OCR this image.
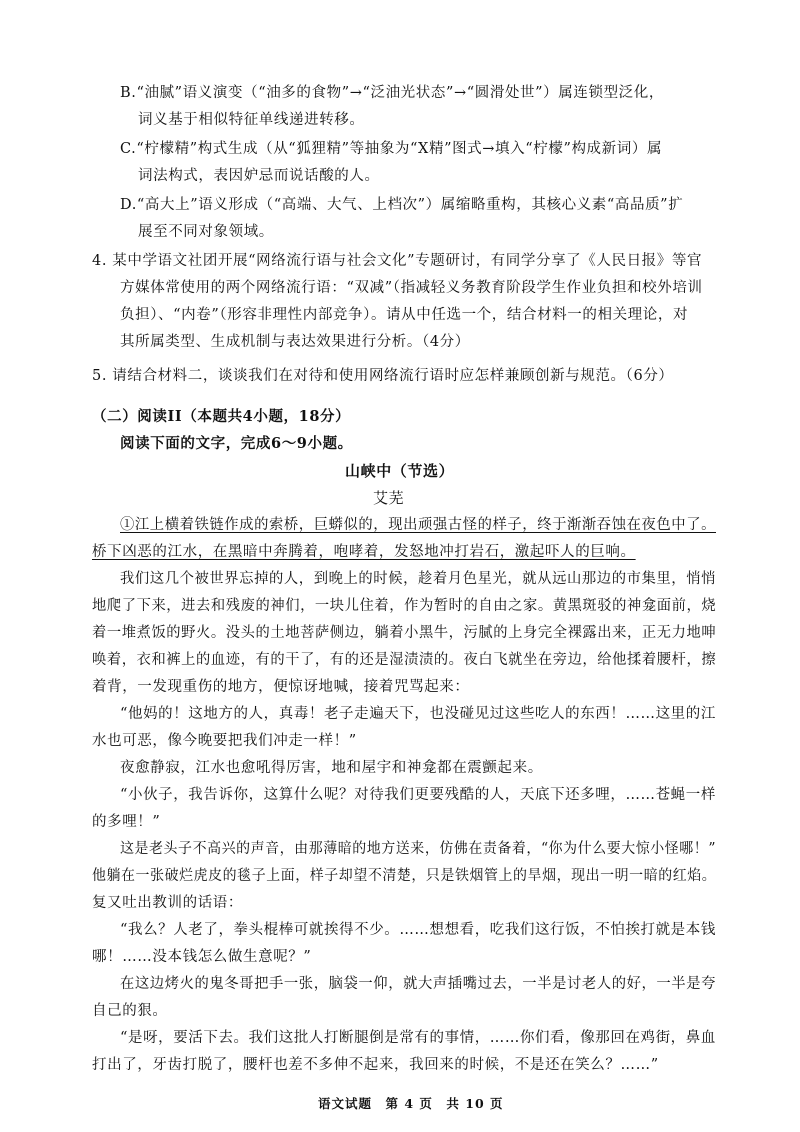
B.“油腻”语义演变（“油多的食物”→“泛油光状态”→“圆滑处世”）属连锁型泛化，
词义基于相似特征单线递进转移。
C.“柠檬精”构式生成（从“狐狸精”等抽象为“X精”图式→填入“柠檬”构成新词）属
词法构式，表因妒忌而说话酸的人。
D.“高大上”语义形成（“高端、大气、上档次”）属缩略重构，其核心义素“高品质”扩
展至不同对象领域。
4. 某中学语文社团开展“网络流行语与社会文化”专题研讨，有同学分享了《人民日报》等官
方媒体常使用的两个网络流行语：“双减”（指减轻义务教育阶段学生作业负担和校外培训
负担）、“内卷”（形容非理性内部竞争）。请从中任选一个，结合材料一的相关理论，对
其所属类型、生成机制与表达效果进行分析。（4分）
5. 请结合材料二，谈谈我们在对待和使用网络流行语时应怎样兼顾创新与规范。（6分）
（二）阅读II（本题共4小题，18分）
阅读下面的文字，完成6～9小题。
山峡中（节选）
艾芜
①江上横着铁链作成的索桥，巨蟒似的，现出顽强古怪的样子，终于渐渐吞蚀在夜色中了。
桥下凶恶的江水，在黑暗中奔腾着，咆哮着，发怒地冲打岩石，激起吓人的巨响。
我们这几个被世界忘掉的人，到晚上的时候，趁着月色星光，就从远山那边的市集里，悄悄
地爬了下来，进去和残废的神们，一块儿住着，作为暂时的自由之家。黄黑斑驳的神龛面前，烧
着一堆煮饭的野火。没头的土地菩萨侧边，躺着小黑牛，污腻的上身完全裸露出来，正无力地呻
唤着，衣和裤上的血迹，有的干了，有的还是湿渍渍的。夜白飞就坐在旁边，给他揉着腰杆，擦
着背，一发现重伤的地方，便惊讶地喊，接着咒骂起来：
“他妈的！这地方的人，真毒！老子走遍天下，也没碰见过这些吃人的东西！……这里的江
水也可恶，像今晚要把我们冲走一样！”
夜愈静寂，江水也愈吼得厉害，地和屋宇和神龛都在震颤起来。
“小伙子，我告诉你，这算什么呢？对待我们更要残酷的人，天底下还多哩，……苍蝇一样
的多哩！”
这是老头子不高兴的声音，由那薄暗的地方送来，仿佛在责备着，“你为什么要大惊小怪哪！”
他躺在一张破烂虎皮的毯子上面，样子却望不清楚，只是铁烟管上的旱烟，现出一明一暗的红焰。
复又吐出教训的话语：
“我么？人老了，拳头棍棒可就挨得不少。……想想看，吃我们这行饭，不怕挨打就是本钱
哪！……没本钱怎么做生意呢？”
在这边烤火的鬼冬哥把手一张，脑袋一仰，就大声插嘴过去，一半是讨老人的好，一半是夸
自己的狠。
“是呀，要活下去。我们这批人打断腿倒是常有的事情，……你们看，像那回在鸡街，鼻血
打出了，牙齿打脱了，腰杆也差不多伸不起来，我回来的时候，不是还在笑么？……”
语文试题　第 4 页　共 10 页
